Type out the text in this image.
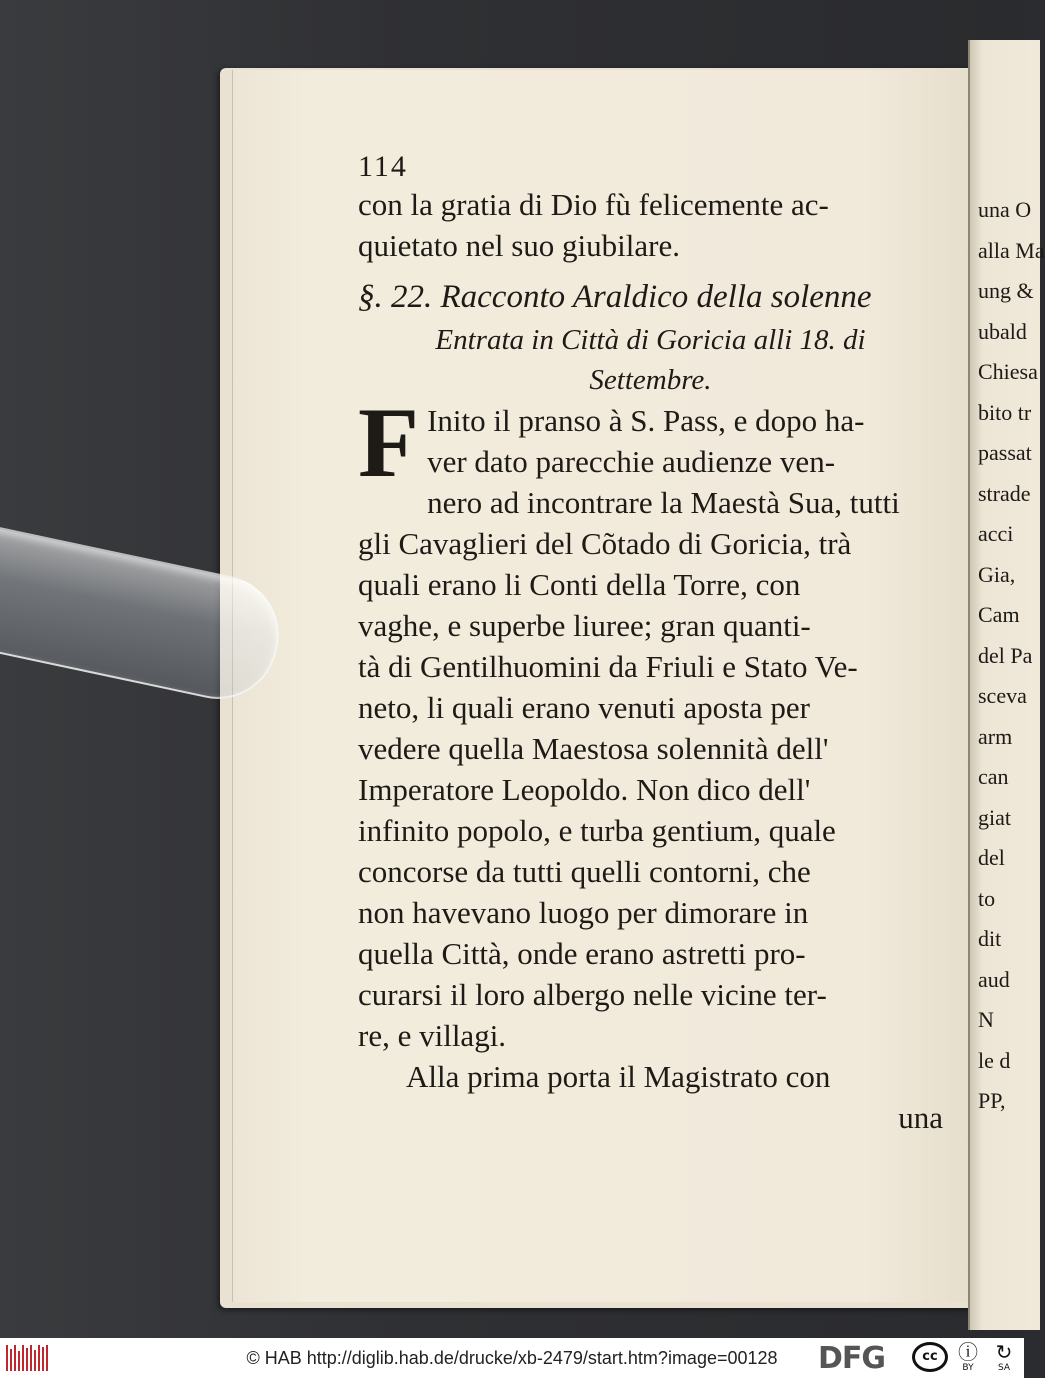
una O
alla Ma
ung &
ubald
Chiesa
bito tr
passat
strade
acci
Gia,
Cam
del Pa
sceva
arm
can
giat
del
to
dit
aud
N
le d
PP,
114
con la gratia di Dio fù felicemente ac-
quietato nel suo giubilare.
§. 22. Racconto Araldico della solenne
Entrata in Città di Goricia alli 18. di
Settembre.
F Inito il pranso à S. Pass, e dopo ha-
ver dato parecchie audienze ven-
nero ad incontrare la Maestà Sua, tutti
gli Cavaglieri del Cõtado di Goricia, trà
quali erano li Conti della Torre, con
vaghe, e superbe liuree; gran quanti-
tà di Gentilhuomini da Friuli e Stato Ve-
neto, li quali erano venuti aposta per
vedere quella Maestosa solennità dell'
Imperatore Leopoldo. Non dico dell'
infinito popolo, e turba gentium, quale
concorse da tutti quelli contorni, che
non havevano luogo per dimorare in
quella Città, onde erano astretti pro-
curarsi il loro albergo nelle vicine ter-
re, e villagi.
Alla prima porta il Magistrato con
una
© HAB http://diglib.hab.de/drucke/xb-2479/start.htm?image=00128	DFG	cc	ⓘ
BY
↻
SA
